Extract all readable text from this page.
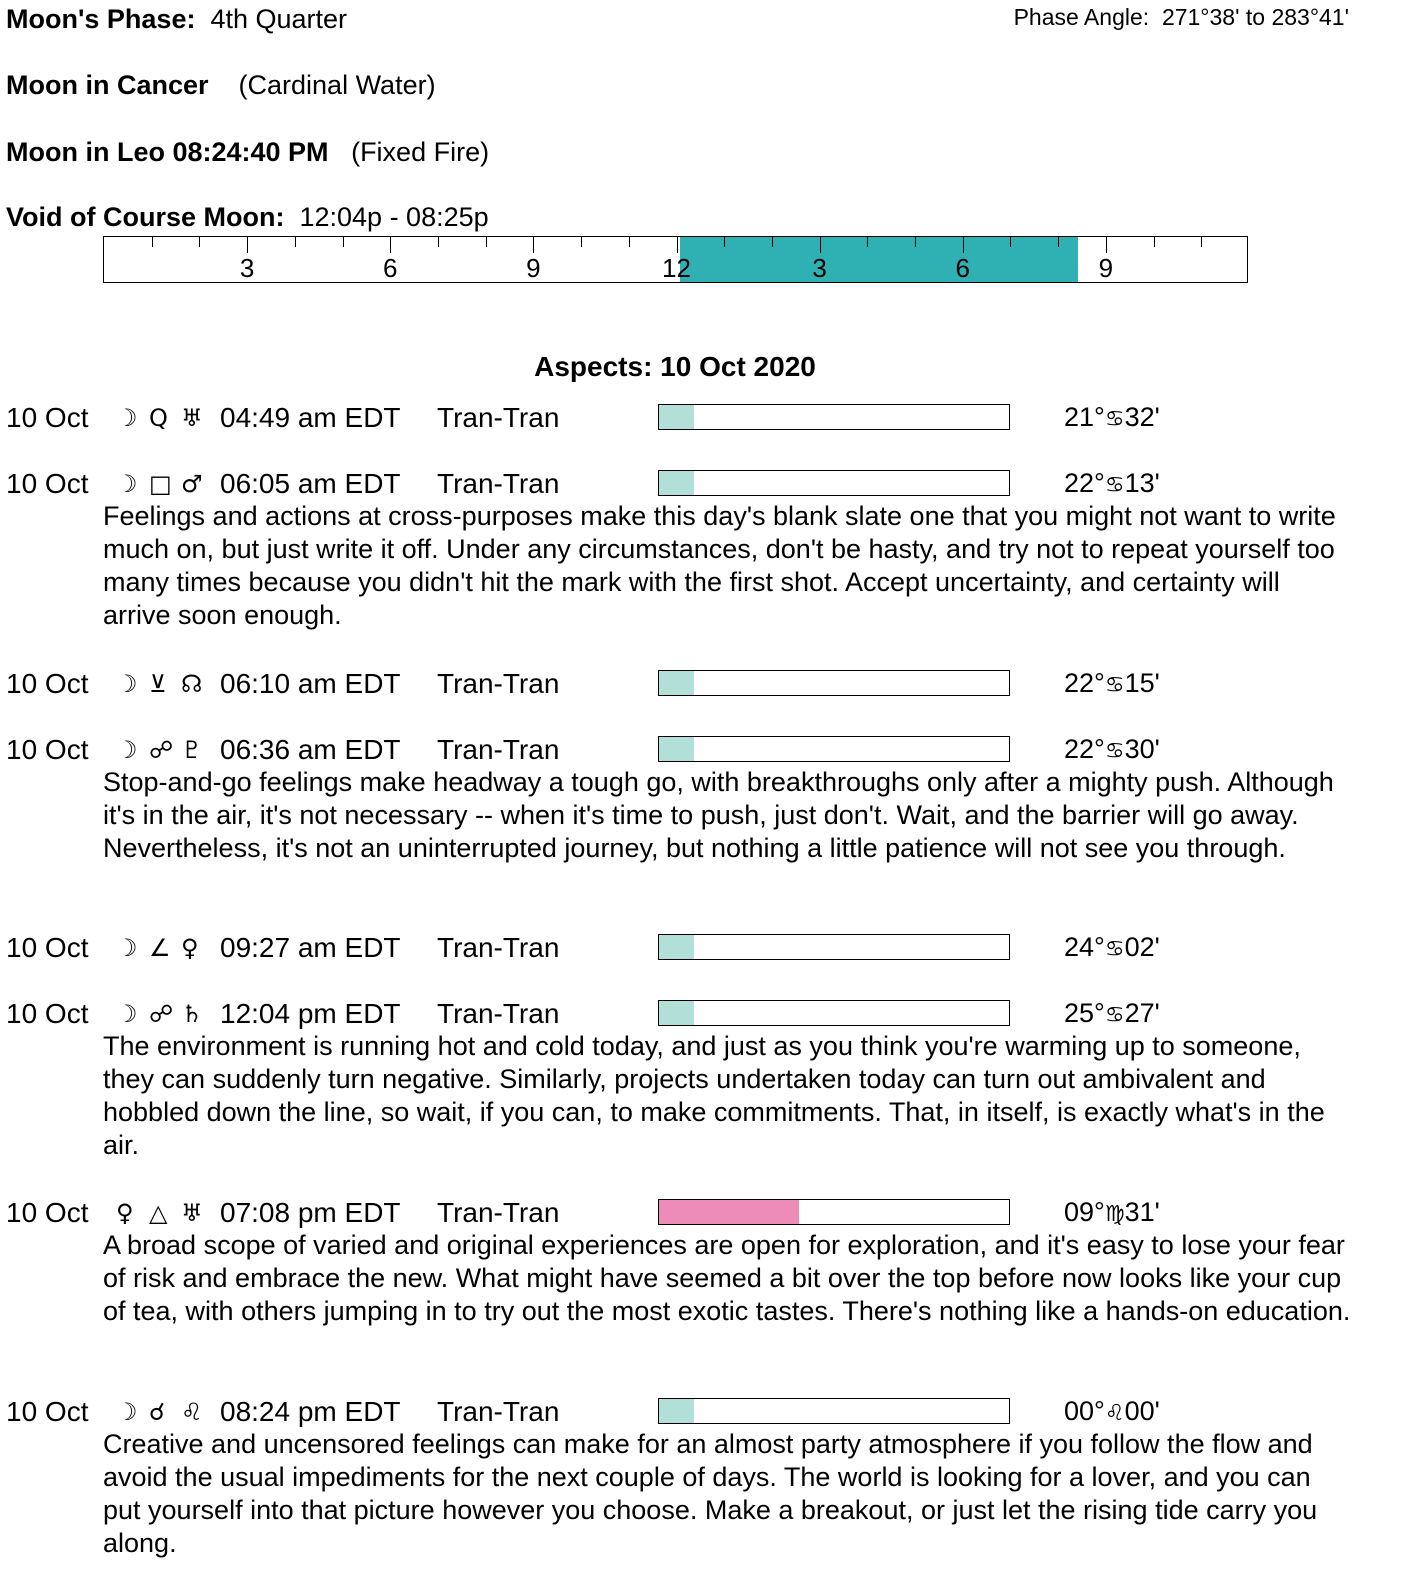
Moon's Phase: 4th Quarter	Phase Angle: 271°38' to 283°41'
Moon in Cancer (Cardinal Water)
Moon in Leo 08:24:40 PM (Fixed Fire)
Void of Course Moon: 12:04p - 08:25p
3	6	9	12	3	6	9
Aspects: 10 Oct 2020
10 Oct ☽ Q ♅ 04:49 am EDT Tran-Tran	21°♋32'
10 Oct ☽ □ ♂ 06:05 am EDT Tran-Tran	22°♋13'
Feelings and actions at cross-purposes make this day's blank slate one that you might not want to write much on, but just write it off. Under any circumstances, don't be hasty, and try not to repeat yourself too many times because you didn't hit the mark with the first shot. Accept uncertainty, and certainty will arrive soon enough.
10 Oct ☽ ⊻ ☊ 06:10 am EDT Tran-Tran	22°♋15'
10 Oct ☽ ☍ ♇ 06:36 am EDT Tran-Tran	22°♋30'
Stop-and-go feelings make headway a tough go, with breakthroughs only after a mighty push. Although it's in the air, it's not necessary -- when it's time to push, just don't. Wait, and the barrier will go away. Nevertheless, it's not an uninterrupted journey, but nothing a little patience will not see you through.
10 Oct ☽ ∠ ♀ 09:27 am EDT Tran-Tran	24°♋02'
10 Oct ☽ ☍ ♄ 12:04 pm EDT Tran-Tran	25°♋27'
The environment is running hot and cold today, and just as you think you're warming up to someone, they can suddenly turn negative. Similarly, projects undertaken today can turn out ambivalent and hobbled down the line, so wait, if you can, to make commitments. That, in itself, is exactly what's in the air.
10 Oct ♀ △ ♅ 07:08 pm EDT Tran-Tran	09°♍31'
A broad scope of varied and original experiences are open for exploration, and it's easy to lose your fear of risk and embrace the new. What might have seemed a bit over the top before now looks like your cup of tea, with others jumping in to try out the most exotic tastes. There's nothing like a hands-on education.
10 Oct ☽ ☌ ♌ 08:24 pm EDT Tran-Tran	00°♌00'
Creative and uncensored feelings can make for an almost party atmosphere if you follow the flow and avoid the usual impediments for the next couple of days. The world is looking for a lover, and you can put yourself into that picture however you choose. Make a breakout, or just let the rising tide carry you along.
